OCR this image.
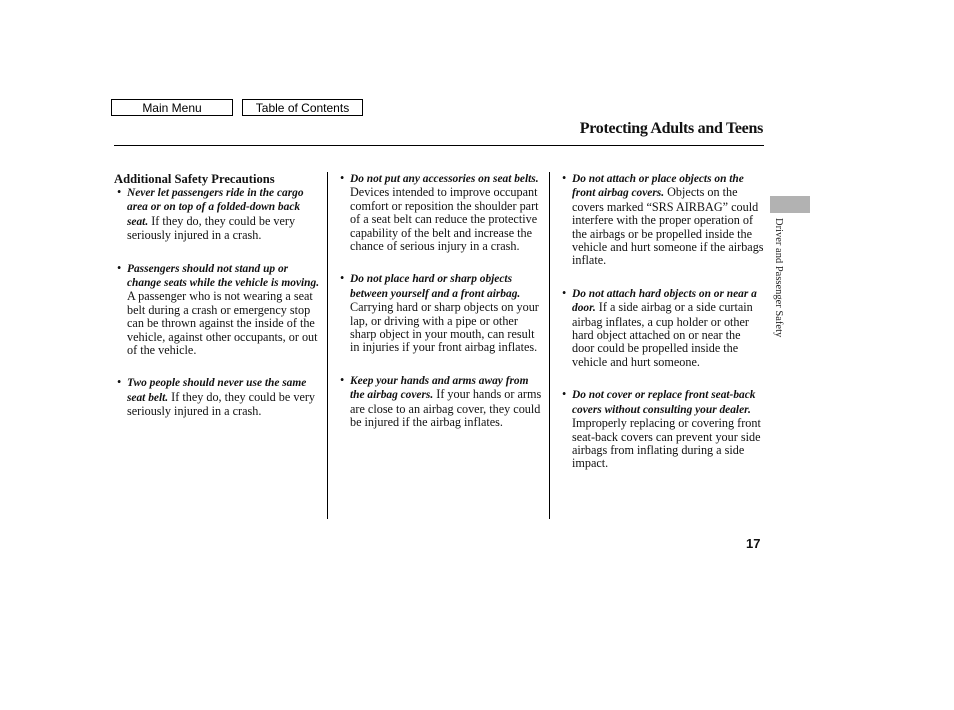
Main Menu	Table of Contents
Protecting Adults and Teens
Additional Safety Precautions
• Never let passengers ride in the cargo area or on top of a folded-down back seat. If they do, they could be very seriously injured in a crash.
• Passengers should not stand up or change seats while the vehicle is moving. A passenger who is not wearing a seat belt during a crash or emergency stop can be thrown against the inside of the vehicle, against other occupants, or out of the vehicle.
• Two people should never use the same seat belt. If they do, they could be very seriously injured in a crash.
• Do not put any accessories on seat belts. Devices intended to improve occupant comfort or reposition the shoulder part of a seat belt can reduce the protective capability of the belt and increase the chance of serious injury in a crash.
• Do not place hard or sharp objects between yourself and a front airbag. Carrying hard or sharp objects on your lap, or driving with a pipe or other sharp object in your mouth, can result in injuries if your front airbag inflates.
• Keep your hands and arms away from the airbag covers. If your hands or arms are close to an airbag cover, they could be injured if the airbag inflates.
• Do not attach or place objects on the front airbag covers. Objects on the covers marked “SRS AIRBAG” could interfere with the proper operation of the airbags or be propelled inside the vehicle and hurt someone if the airbags inflate.
• Do not attach hard objects on or near a door. If a side airbag or a side curtain airbag inflates, a cup holder or other hard object attached on or near the door could be propelled inside the vehicle and hurt someone.
• Do not cover or replace front seat-back covers without consulting your dealer. Improperly replacing or covering front seat-back covers can prevent your side airbags from inflating during a side impact.
Driver and Passenger Safety
17
